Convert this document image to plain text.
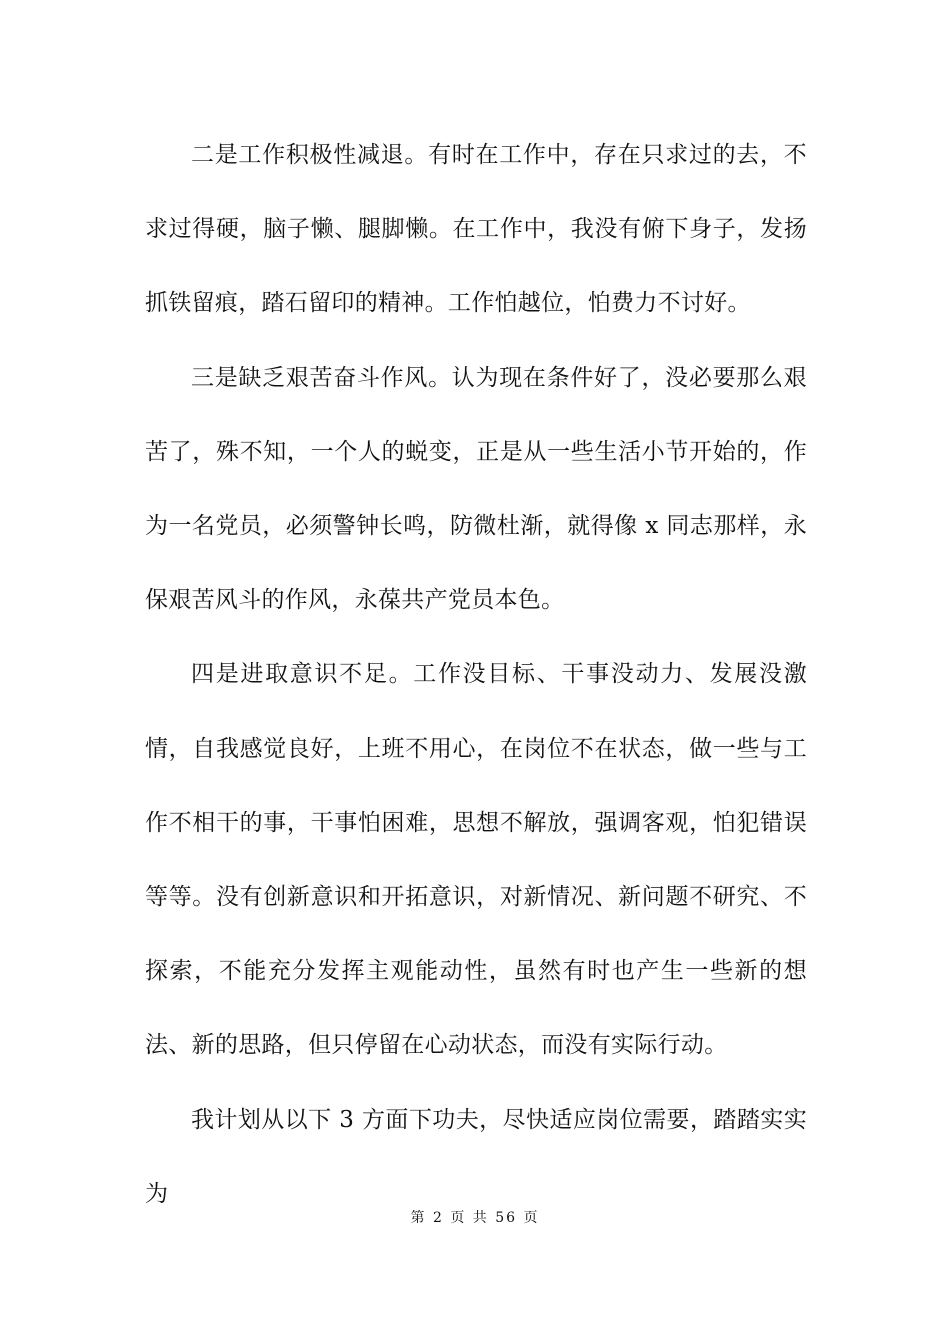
二是工作积极性减退。有时在工作中，存在只求过的去，不求过得硬，脑子懒、腿脚懒。在工作中，我没有俯下身子，发扬抓铁留痕，踏石留印的精神。工作怕越位，怕费力不讨好。

三是缺乏艰苦奋斗作风。认为现在条件好了，没必要那么艰苦了，殊不知，一个人的蜕变，正是从一些生活小节开始的，作为一名党员，必须警钟长鸣，防微杜渐，就得像 x 同志那样，永保艰苦风斗的作风，永葆共产党员本色。

四是进取意识不足。工作没目标、干事没动力、发展没激情，自我感觉良好，上班不用心，在岗位不在状态，做一些与工作不相干的事，干事怕困难，思想不解放，强调客观，怕犯错误等等。没有创新意识和开拓意识，对新情况、新问题不研究、不探索，不能充分发挥主观能动性，虽然有时也产生一些新的想法、新的思路，但只停留在心动状态，而没有实际行动。

我计划从以下 3 方面下功夫，尽快适应岗位需要，踏踏实实为

第 2 页 共 56 页
